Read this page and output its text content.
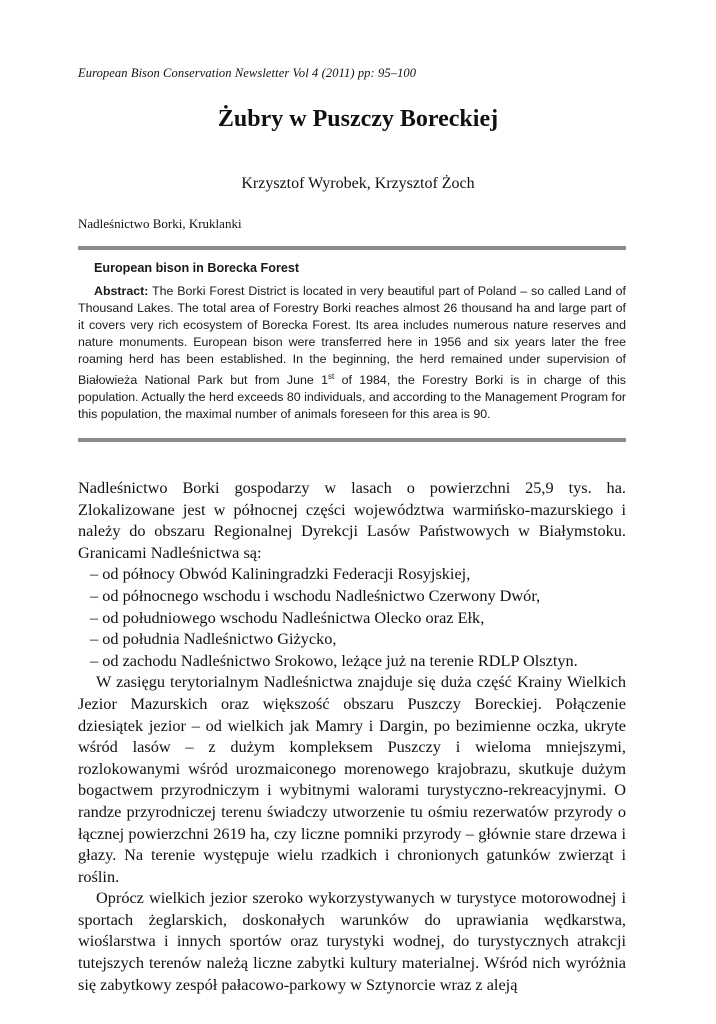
European Bison Conservation Newsletter Vol 4 (2011) pp: 95–100
Żubry w Puszczy Boreckiej
Krzysztof Wyrobek, Krzysztof Żoch
Nadleśnictwo Borki, Kruklanki
European bison in Borecka Forest

Abstract: The Borki Forest District is located in very beautiful part of Poland – so called Land of Thousand Lakes. The total area of Forestry Borki reaches almost 26 thousand ha and large part of it covers very rich ecosystem of Borecka Forest. Its area includes numerous nature reserves and nature monuments. European bison were transferred here in 1956 and six years later the free roaming herd has been established. In the beginning, the herd remained under supervision of Białowieża National Park but from June 1st of 1984, the Forestry Borki is in charge of this population. Actually the herd exceeds 80 individuals, and according to the Management Program for this population, the maximal number of animals foreseen for this area is 90.

Nadleśnictwo Borki gospodarzy w lasach o powierzchni 25,9 tys. ha. Zlokalizowane jest w północnej części województwa warmińsko-mazurskiego i należy do obszaru Regionalnej Dyrekcji Lasów Państwowych w Białymstoku. Granicami Nadleśnictwa są:

– od północy Obwód Kaliningradzki Federacji Rosyjskiej,
– od północnego wschodu i wschodu Nadleśnictwo Czerwony Dwór,
– od południowego wschodu Nadleśnictwa Olecko oraz Ełk,
– od południa Nadleśnictwo Giżycko,
– od zachodu Nadleśnictwo Srokowo, leżące już na terenie RDLP Olsztyn.

W zasięgu terytorialnym Nadleśnictwa znajduje się duża część Krainy Wielkich Jezior Mazurskich oraz większość obszaru Puszczy Boreckiej. Połączenie dziesiątek jezior – od wielkich jak Mamry i Dargin, po bezimienne oczka, ukryte wśród lasów – z dużym kompleksem Puszczy i wieloma mniejszymi, rozlokowanymi wśród urozmaiconego morenowego krajobrazu, skutkuje dużym bogactwem przyrodniczym i wybitnymi walorami turystyczno-rekreacyjnymi. O randze przyrodniczej terenu świadczy utworzenie tu ośmiu rezerwatów przyrody o łącznej powierzchni 2619 ha, czy liczne pomniki przyrody – głównie stare drzewa i głazy. Na terenie występuje wielu rzadkich i chronionych gatunków zwierząt i roślin.

Oprócz wielkich jezior szeroko wykorzystywanych w turystyce motorowodnej i sportach żeglarskich, doskonałych warunków do uprawiania wędkarstwa, wioślarstwa i innych sportów oraz turystyki wodnej, do turystycznych atrakcji tutejszych terenów należą liczne zabytki kultury materialnej. Wśród nich wyróżnia się zabytkowy zespół pałacowo-parkowy w Sztynorcie wraz z aleją
